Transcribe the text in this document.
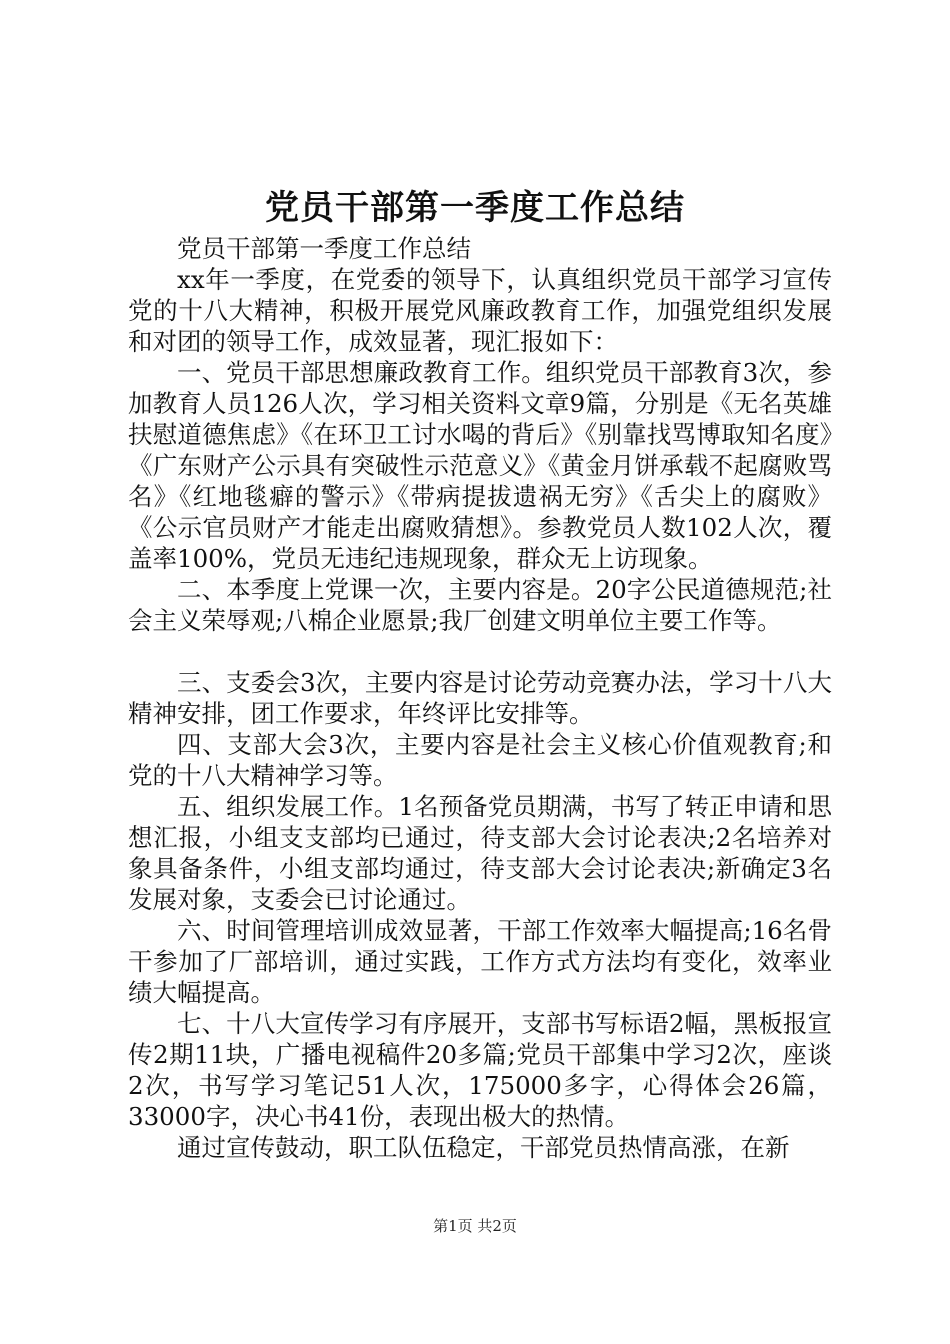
党员干部第一季度工作总结

党员干部第一季度工作总结

xx年一季度，在党委的领导下，认真组织党员干部学习宣传党的十八大精神，积极开展党风廉政教育工作，加强党组织发展和对团的领导工作，成效显著，现汇报如下：

一、党员干部思想廉政教育工作。组织党员干部教育3次，参加教育人员126人次，学习相关资料文章9篇，分别是《无名英雄扶慰道德焦虑》《在环卫工讨水喝的背后》《别靠找骂博取知名度》《广东财产公示具有突破性示范意义》《黄金月饼承载不起腐败骂名》《红地毯癖的警示》《带病提拔遗祸无穷》《舌尖上的腐败》《公示官员财产才能走出腐败猜想》。参教党员人数102人次，覆盖率100%，党员无违纪违规现象，群众无上访现象。

二、本季度上党课一次，主要内容是。20字公民道德规范;社会主义荣辱观;八棉企业愿景;我厂创建文明单位主要工作等。

三、支委会3次，主要内容是讨论劳动竞赛办法，学习十八大精神安排，团工作要求，年终评比安排等。

四、支部大会3次，主要内容是社会主义核心价值观教育;和党的十八大精神学习等。

五、组织发展工作。1名预备党员期满，书写了转正申请和思想汇报，小组支支部均已通过，待支部大会讨论表决;2名培养对象具备条件，小组支部均通过，待支部大会讨论表决;新确定3名发展对象，支委会已讨论通过。

六、时间管理培训成效显著，干部工作效率大幅提高;16名骨干参加了厂部培训，通过实践，工作方式方法均有变化，效率业绩大幅提高。

七、十八大宣传学习有序展开，支部书写标语2幅，黑板报宣传2期11块，广播电视稿件20多篇;党员干部集中学习2次，座谈2次，书写学习笔记51人次，175000多字，心得体会26篇，33000字，决心书41份，表现出极大的热情。

通过宣传鼓动，职工队伍稳定，干部党员热情高涨，在新

第1页 共2页
